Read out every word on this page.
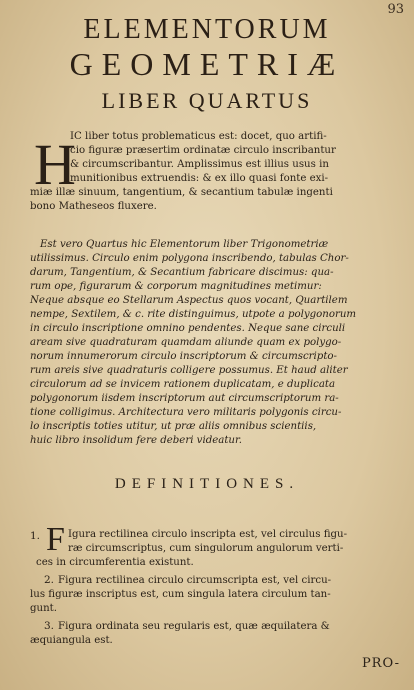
93
ELEMENTORUM
GEOMETRIÆ
LIBER QUARTUS
H
IC liber totus problematicus est: docet, quo artifi-
cio figuræ præsertim ordinatæ circulo inscribantur
& circumscribantur. Amplissimus est illius usus in
munitionibus extruendis: & ex illo quasi fonte exi-
miæ illæ sinuum, tangentium, & secantium tabulæ ingenti
bono Matheseos fluxere.
Est vero Quartus hic Elementorum liber Trigonometriæ
utilissimus. Circulo enim polygona inscribendo, tabulas Chor-
darum, Tangentium, & Secantium fabricare discimus: qua-
rum ope, figurarum & corporum magnitudines metimur:
Neque absque eo Stellarum Aspectus quos vocant, Quartilem
nempe, Sextilem, & c. rite distinguimus, utpote a polygonorum
in circulo inscriptione omnino pendentes. Neque sane circuli
aream sive quadraturam quamdam aliunde quam ex polygo-
norum innumerorum circulo inscriptorum & circumscripto-
rum areis sive quadraturis colligere possumus. Et haud aliter
circulorum ad se invicem rationem duplicatam, e duplicata
polygonorum iisdem inscriptorum aut circumscriptorum ra-
tione colligimus. Architectura vero militaris polygonis circu-
lo inscriptis toties utitur, ut præ aliis omnibus scientiis,
huic libro insolidum fere deberi videatur.
DEFINITIONES.
1. F Igura rectilinea circulo inscripta est, vel circulus figu-
ræ circumscriptus, cum singulorum angulorum verti-
ces in circumferentia existunt.
2. Figura rectilinea circulo circumscripta est, vel circu-
lus figuræ inscriptus est, cum singula latera circulum tan-
gunt.
3. Figura ordinata seu regularis est, quæ æquilatera &
æquiangula est.
PRO-
